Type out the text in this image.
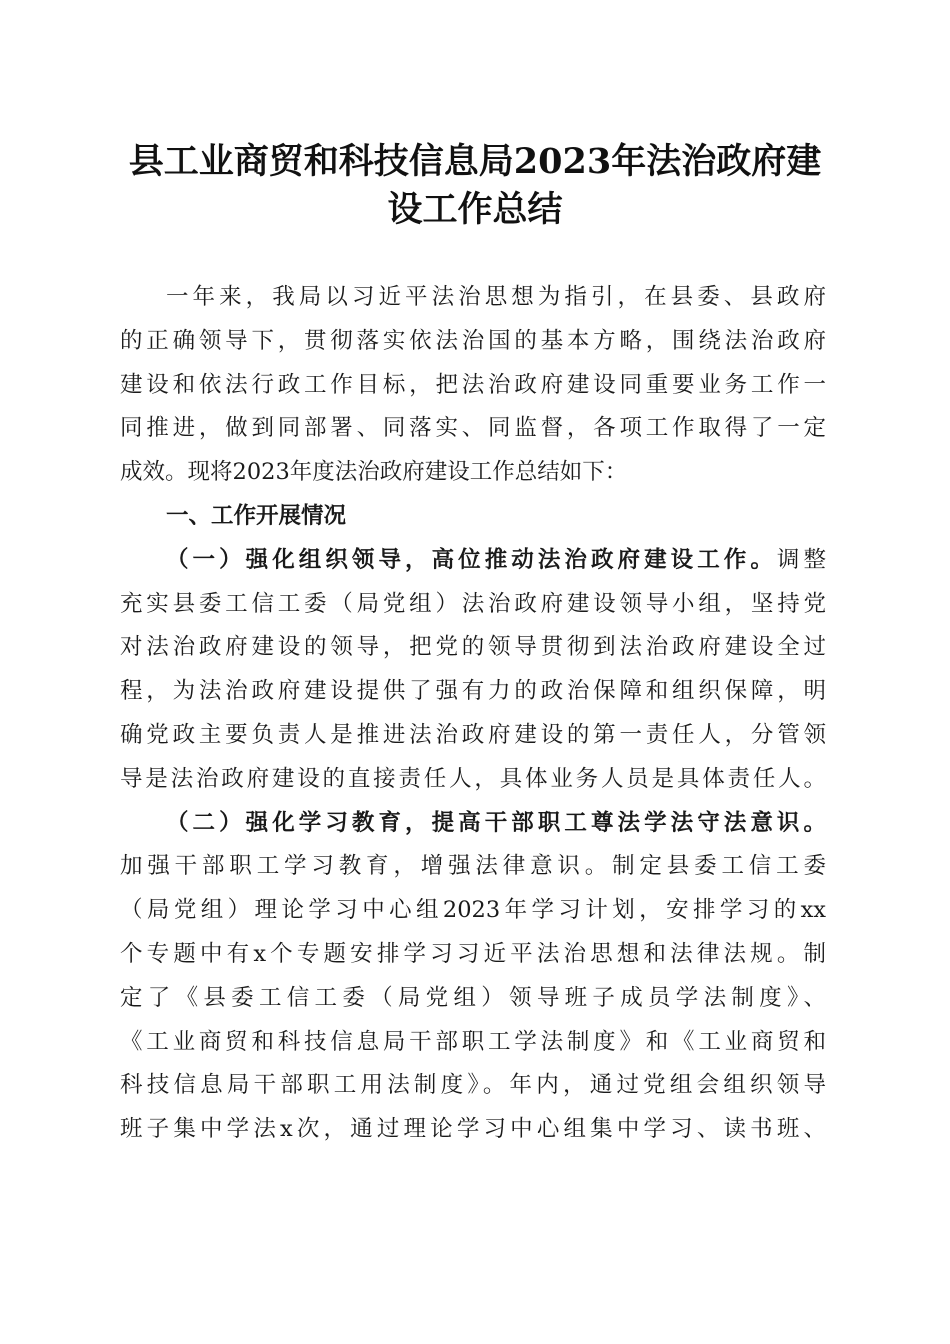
县工业商贸和科技信息局2023年法治政府建
设工作总结
一年来，我局以习近平法治思想为指引，在县委、县政府
的正确领导下，贯彻落实依法治国的基本方略，围绕法治政府
建设和依法行政工作目标，把法治政府建设同重要业务工作一
同推进，做到同部署、同落实、同监督，各项工作取得了一定
成效。现将2023年度法治政府建设工作总结如下：
一、工作开展情况
（一）强化组织领导，高位推动法治政府建设工作。调整
充实县委工信工委（局党组）法治政府建设领导小组，坚持党
对法治政府建设的领导，把党的领导贯彻到法治政府建设全过
程，为法治政府建设提供了强有力的政治保障和组织保障，明
确党政主要负责人是推进法治政府建设的第一责任人，分管领
导是法治政府建设的直接责任人，具体业务人员是具体责任人。
（二）强化学习教育，提高干部职工尊法学法守法意识。
加强干部职工学习教育，增强法律意识。制定县委工信工委
（局党组）理论学习中心组2023年学习计划，安排学习的xx
个专题中有x个专题安排学习习近平法治思想和法律法规。制
定了《县委工信工委（局党组）领导班子成员学法制度》、
《工业商贸和科技信息局干部职工学法制度》和《工业商贸和
科技信息局干部职工用法制度》。年内，通过党组会组织领导
班子集中学法x次，通过理论学习中心组集中学习、读书班、
